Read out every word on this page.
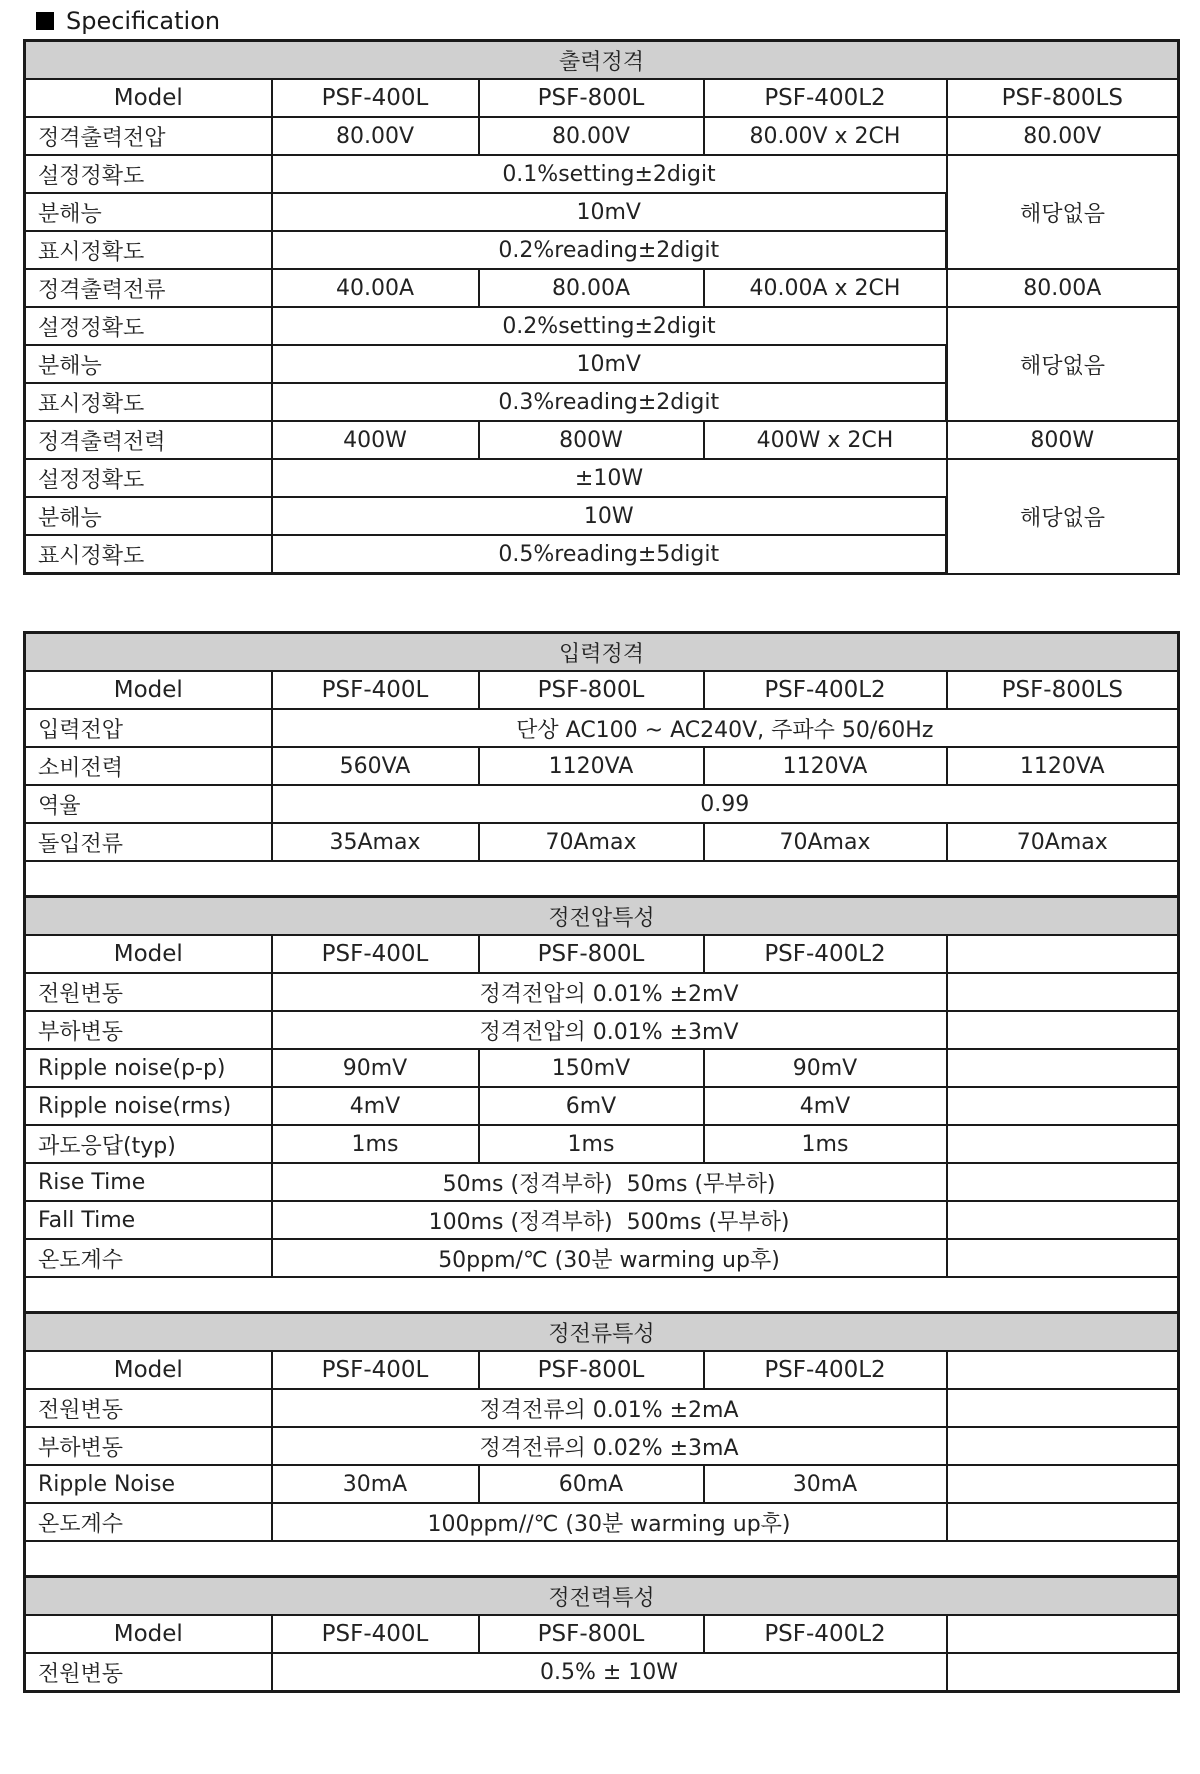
Specification
출력정격				
Model	PSF-400L	PSF-800L	PSF-400L2	PSF-800LS
정격출력전압	80.00V	80.00V	80.00V x 2CH	80.00V
설정정확도	0.1%setting±2digit			해당없음
분해능	10mV			
표시정확도	0.2%reading±2digit			
정격출력전류	40.00A	80.00A	40.00A x 2CH	80.00A
설정정확도	0.2%setting±2digit			해당없음
분해능	10mV			
표시정확도	0.3%reading±2digit			
정격출력전력	400W	800W	400W x 2CH	800W
설정정확도	±10W			해당없음
분해능	10W			
표시정확도	0.5%reading±5digit			
입력정격				
Model	PSF-400L	PSF-800L	PSF-400L2	PSF-800LS
입력전압	단상 AC100 ~ AC240V, 주파수 50/60Hz			
소비전력	560VA	1120VA	1120VA	1120VA
역율	0.99			
돌입전류	35Amax	70Amax	70Amax	70Amax

정전압특성				
Model	PSF-400L	PSF-800L	PSF-400L2	
전원변동	정격전압의 0.01% ±2mV			
부하변동	정격전압의 0.01% ±3mV			
Ripple noise(p-p)	90mV	150mV	90mV	
Ripple noise(rms)	4mV	6mV	4mV	
과도응답(typ)	1ms	1ms	1ms	
Rise Time	50ms (정격부하)  50ms (무부하)			
Fall Time	100ms (정격부하)  500ms (무부하)			
온도계수	50ppm/℃ (30분 warming up후)			

정전류특성				
Model	PSF-400L	PSF-800L	PSF-400L2	
전원변동	정격전류의 0.01% ±2mA			
부하변동	정격전류의 0.02% ±3mA			
Ripple Noise	30mA	60mA	30mA	
온도계수	100ppm//℃ (30분 warming up후)			

정전력특성				
Model	PSF-400L	PSF-800L	PSF-400L2	
전원변동	0.5% ± 10W			
